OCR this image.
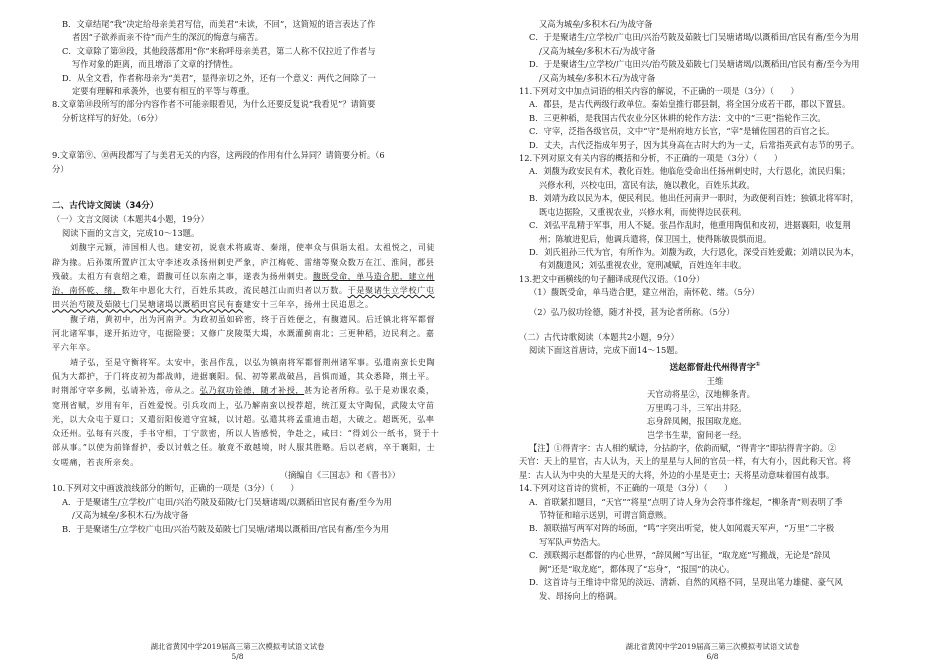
B．文章结尾“我”决定给母亲美君写信，而美君“未读，不回”，这简短的语言表达了作
者因“子欲养而亲不待”而产生的深沉的悔意与痛苦。
C．文章除了第⑩段，其他段落都用“你”来称呼母亲美君，第二人称不仅拉近了作者与
写作对象的距离，而且增添了文章的抒情性。
D．从全文看，作者称母亲为“美君”，显得亲切之外，还有一个意义：两代之间除了一
定要有理解和承袭外，也要有相互的平等与尊重。
8.文章第⑩段所写的部分内容作者不可能亲眼看见，为什么还要反复说“我看见”？请简要
分析这样写的好处。（6分）
9.文章第⑨、⑩两段都写了与美君无关的内容，这两段的作用有什么异同？请简要分析。（6
分）
二、古代诗文阅读（34分）
（一）文言文阅读（本题共4小题，19分）
阅读下面的文言文，完成10～13题。
刘馥字元颖，沛国相人也。建安初，说袁术将戚寄、秦翊，使率众与俱诣太祖。太祖悦之，司徒辟为掾。后孙策所置庐江太守李述攻杀扬州刺史严象，庐江梅乾、雷绪等聚众数万在江、淮间，郡县残破。太祖方有袁绍之难，谓馥可任以东南之事，遂表为扬州刺史。馥既受命，单马造合肥，建立州治，南怀乾、绪，数年中恩化大行，百姓乐其政，流民越江山而归者以万数。于是聚诸生立学校广屯田兴治芍陂及茹陂七门吴塘诸堨以溉稻田官民有畜建安十三年卒，扬州士民追思之。
馥子靖，黄初中，出为河南尹。为政初虽如碎密，终于百姓便之，有馥遗风。后迁镇北将军都督河北诸军事，遂开拓边守，屯据险要；又修广戾陵渠大堨，水溉灌蓟南北；三更种稻，边民利之。嘉平六年卒。
靖子弘，至是守衡将军。太安中，张昌作乱，以弘为镇南将军都督荆州诸军事。弘遣南蛮长史陶侃为大都护，于门将皮初为都战帅，进据襄阳。侃、初等累战破昌，昌惧而遁，其众悉降，荆土平。时荆部守宰多阙，弘请补选，帝从之。弘乃叙功铨德，随才补授，甚为论者所称。弘于是劝课农桑，宽刑省赋，岁用有年，百姓爱悦。引兵攻而上，弘乃解南蛮以授荐超，统江夏太守陶侃，武陵太守苗光，以大众屯于夏口；又遣衍阳俊道守宜城，以讨超。弘遣其将孟重迪击超，大破之。超既死，弘率众还州。弘每有兴废，手书守相，丁宁款密，所以人皆感悦，争赴之，咸曰：“得刘公一纸书，贤于十部从事。”以使为前锋督护，委以讨戟之任。敏竟不敢越境，时人服其胜略。后以老病，卒于襄阳，士女嗟痛，若丧所亲矣。
（摘编自《三国志》和《晋书》）
10.下列对文中画波浪线部分的断句，正确的一项是（3分）（　　）
A．于是聚诸生/立学校/广屯田/兴治芍陂及茹陂/七门吴塘诸堨/以溉稻田官民有畜/至今为用
/又高为城垒/多积木石/为战守备
B．于是聚诸生/立学校广屯田/兴治芍陂及茹陂七门吴塘/诸堨以溉稻田/官民有畜/至今为用
湖北省黄冈中学2019届高三第三次模拟考试语文试卷
5/8
又高为城垒/多积木石/为战守备
C．于是聚诸生/立学校/广屯田/兴治芍陂及茹陂七门吴塘诸堨/以溉稻田/官民有畜/至今为用
/又高为城垒/多积木石/为战守备
D．于是聚诸生/立学校/广屯田兴/治芍陂及茹陂七门吴塘诸堨/以溉稻田/官民有畜/至今为用
/又高为城垒/多积木石/为战守备
11.下列对文中加点词语的相关内容的解说，不正确的一项是（3分）（　　）
A．郡县，是古代两级行政单位。秦始皇推行郡县制，将全国分成若干郡，郡以下置县。
B．三更种稻，是我国古代农业分区休耕的轮作方法：文中的“三更”指轮作三次。
C．守宰，泛指各级官员，文中“守”是州府地方长官，“宰”是辅佐国君的百官之长。
D．丈夫，古代泛指成年男子，因为其身高在古时大约为一丈，后常指英武有志节的男子。
12.下列对原文有关内容的概括和分析，不正确的一项是（3分）（　　）
A．刘馥为政安民有术，教化百姓。他临危受命出任扬州刺史时，大行恩化，流民归集；
兴修水利，兴校屯田，富民有法，施以教化，百姓乐其政。
B．刘靖为政以民为本，便民利民。他出任河南尹一职时，为政便利百姓；独镇北将军时，
既屯边据险，又重视农业，兴修水利，而使得边民获利。
C．刘弘平乱精于军事，用人不疑。张昌作乱时，他重用陶侃和皮初，进据襄阳，收复荆
州；陈敏进犯后，他调兵遣将，保卫国土，使得陈敏畏惧而退。
D．刘氏祖孙三代为官，有所作为。刘馥为政，大行恩化，深受百姓爱戴；刘靖以民为本，
有刘馥遗风；刘弘重视农业，宽刑减赋，百姓连年丰收。
13.把文中画横线的句子翻译成现代汉语。（10分）
（1）馥既受命，单马造合肥，建立州治，南怀乾、绪。（5分）
（2）弘乃叙功铨德，随才补授，甚为论者所称。（5分）
（二）古代诗歌阅读（本题共2小题，9分）
阅读下面这首唐诗，完成下面14～15题。
送赵都督赴代州得青字①
王维
天官动将星②，汉地柳条青。
万里鸣刁斗，三军出井陉。
忘身辞凤阙，报国取龙庭。
岂学书生辈，窗间老一经。
【注】①得青字：古人相约赋诗，分拈韵字，依韵而赋，“得青字”即拈得青字韵。②
天官：天上的星官，古人认为，天上的星星与人间的官员一样，有大有小，因此称天官。将
星：古人认为中央的大星是天的大将，外边的小星是吏士；天将星动意味着国有战事。
14.下列对这首诗的赏析，不正确的一项是（3分）（　　）
A．首联紧扣题目，“天官”“将星”点明了诗人身为会符事件缘起，“柳条青”则表明了季
节特征和暗示送别，可谓言简意赅。
B．颔联描写两军对阵的场面，“鸣”字突出听觉，使人如闻震天军声，“万里”二字极
写军队声势浩大。
C．颈联揭示赵都督的内心世界，“辞凤阙”写出征，“取龙庭”写搬战，无论是“辞凤
阙”还是“取龙庭”，都体现了“忘身”，“报国”的决心。
D．这首诗与王维诗中常见的淡远、清新、自然的风格不同，呈现出笔力雄健、豪气风
发、昂扬向上的格调。
湖北省黄冈中学2019届高三第三次模拟考试语文试卷
6/8
